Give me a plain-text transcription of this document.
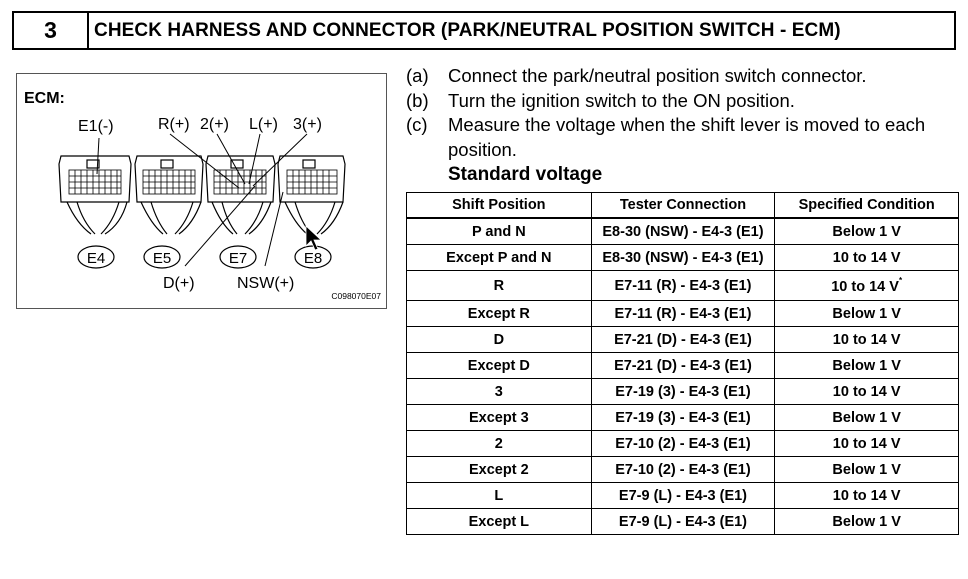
3	CHECK HARNESS AND CONNECTOR (PARK/NEUTRAL POSITION SWITCH - ECM)
ECM:
E1(-)	R(+) 2(+) L(+) 3(+)
D(+)	NSW(+)
E4	E5	E7	E8
C098070E07
(a)	Connect the park/neutral position switch connector.
(b)	Turn the ignition switch to the ON position.
(c)	Measure the voltage when the shift lever is moved to each position.
Standard voltage
Shift Position	Tester Connection	Specified Condition
P and N	E8-30 (NSW) - E4-3 (E1)	Below 1 V
Except P and N	E8-30 (NSW) - E4-3 (E1)	10 to 14 V
R	E7-11 (R) - E4-3 (E1)	10 to 14 V*
Except R	E7-11 (R) - E4-3 (E1)	Below 1 V
D	E7-21 (D) - E4-3 (E1)	10 to 14 V
Except D	E7-21 (D) - E4-3 (E1)	Below 1 V
3	E7-19 (3) - E4-3 (E1)	10 to 14 V
Except 3	E7-19 (3) - E4-3 (E1)	Below 1 V
2	E7-10 (2) - E4-3 (E1)	10 to 14 V
Except 2	E7-10 (2) - E4-3 (E1)	Below 1 V
L	E7-9 (L) - E4-3 (E1)	10 to 14 V
Except L	E7-9 (L) - E4-3 (E1)	Below 1 V
